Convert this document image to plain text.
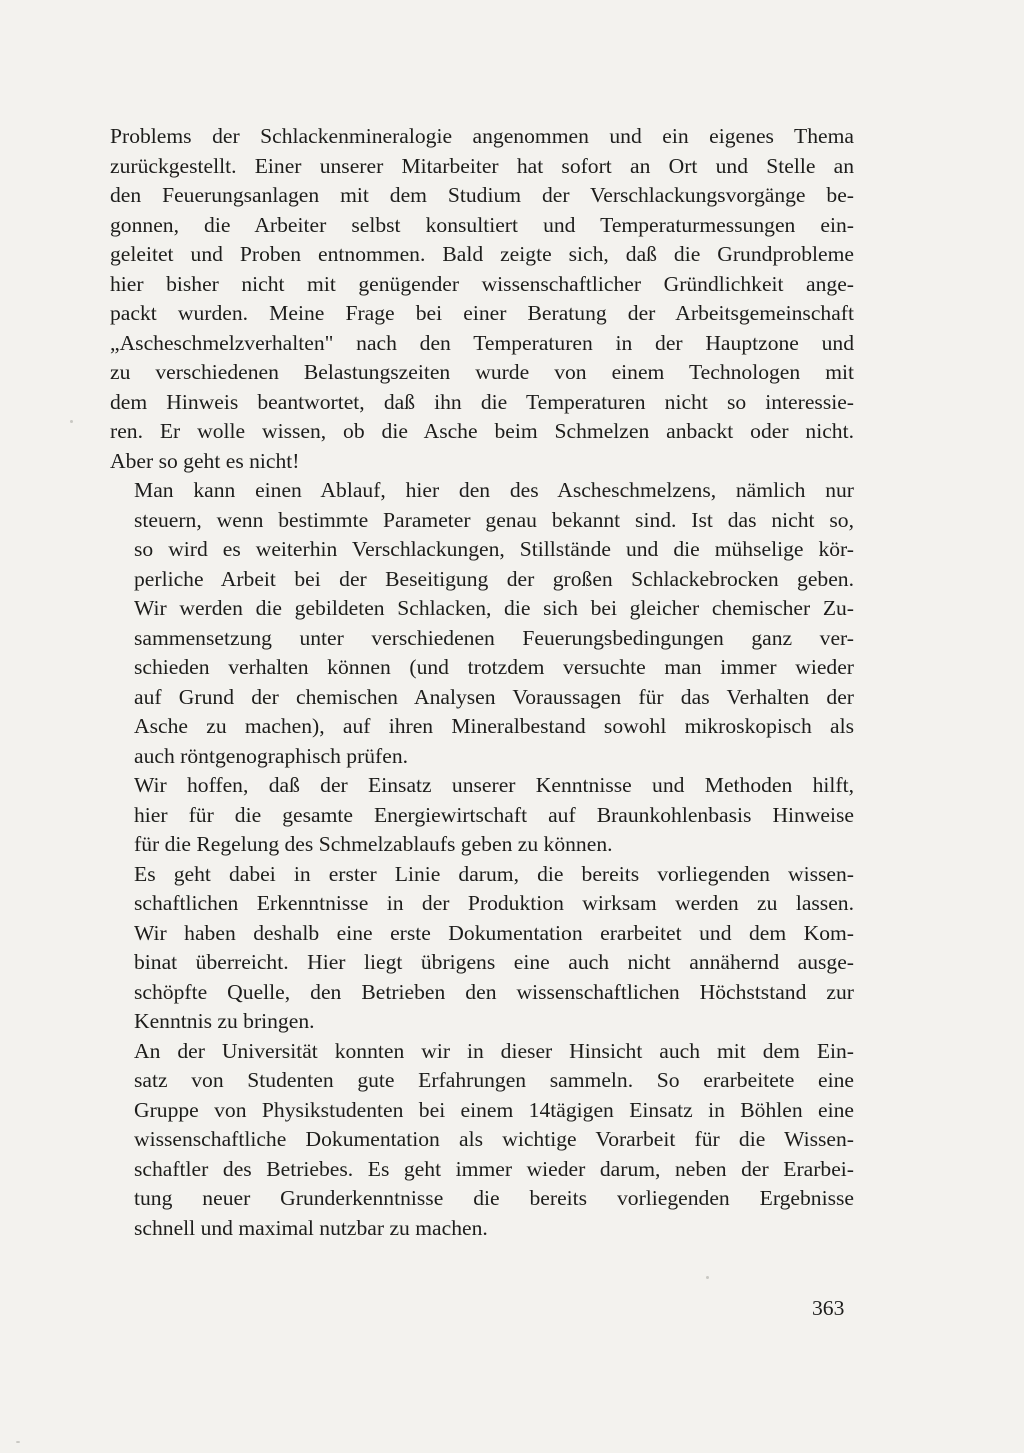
Problems der Schlackenmineralogie angenommen und ein eigenes Thema
zurückgestellt. Einer unserer Mitarbeiter hat sofort an Ort und Stelle an
den Feuerungsanlagen mit dem Studium der Verschlackungsvorgänge be-
gonnen, die Arbeiter selbst konsultiert und Temperaturmessungen ein-
geleitet und Proben entnommen. Bald zeigte sich, daß die Grundprobleme
hier bisher nicht mit genügender wissenschaftlicher Gründlichkeit ange-
packt wurden. Meine Frage bei einer Beratung der Arbeitsgemeinschaft
„Ascheschmelzverhalten" nach den Temperaturen in der Hauptzone und
zu verschiedenen Belastungszeiten wurde von einem Technologen mit
dem Hinweis beantwortet, daß ihn die Temperaturen nicht so interessie-
ren. Er wolle wissen, ob die Asche beim Schmelzen anbackt oder nicht.
Aber so geht es nicht!

Man kann einen Ablauf, hier den des Ascheschmelzens, nämlich nur
steuern, wenn bestimmte Parameter genau bekannt sind. Ist das nicht so,
so wird es weiterhin Verschlackungen, Stillstände und die mühselige kör-
perliche Arbeit bei der Beseitigung der großen Schlackebrocken geben.
Wir werden die gebildeten Schlacken, die sich bei gleicher chemischer Zu-
sammensetzung unter verschiedenen Feuerungsbedingungen ganz ver-
schieden verhalten können (und trotzdem versuchte man immer wieder
auf Grund der chemischen Analysen Voraussagen für das Verhalten der
Asche zu machen), auf ihren Mineralbestand sowohl mikroskopisch als
auch röntgenographisch prüfen.

Wir hoffen, daß der Einsatz unserer Kenntnisse und Methoden hilft,
hier für die gesamte Energiewirtschaft auf Braunkohlenbasis Hinweise
für die Regelung des Schmelzablaufs geben zu können.

Es geht dabei in erster Linie darum, die bereits vorliegenden wissen-
schaftlichen Erkenntnisse in der Produktion wirksam werden zu lassen.
Wir haben deshalb eine erste Dokumentation erarbeitet und dem Kom-
binat überreicht. Hier liegt übrigens eine auch nicht annähernd ausge-
schöpfte Quelle, den Betrieben den wissenschaftlichen Höchststand zur
Kenntnis zu bringen.

An der Universität konnten wir in dieser Hinsicht auch mit dem Ein-
satz von Studenten gute Erfahrungen sammeln. So erarbeitete eine
Gruppe von Physikstudenten bei einem 14tägigen Einsatz in Böhlen eine
wissenschaftliche Dokumentation als wichtige Vorarbeit für die Wissen-
schaftler des Betriebes. Es geht immer wieder darum, neben der Erarbei-
tung neuer Grunderkenntnisse die bereits vorliegenden Ergebnisse
schnell und maximal nutzbar zu machen.

363
